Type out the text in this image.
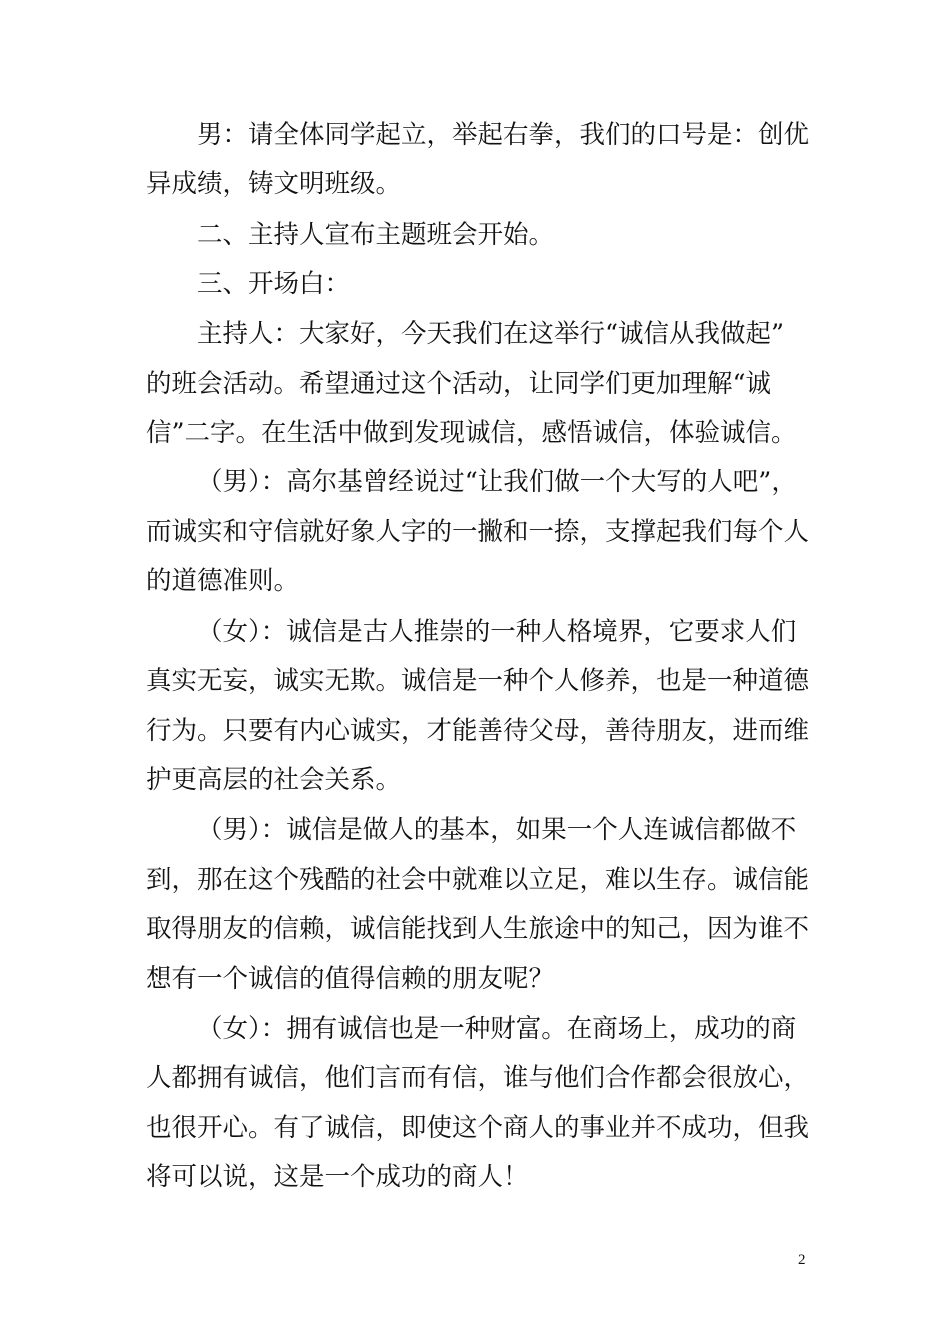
男：请全体同学起立，举起右拳，我们的口号是：创优
异成绩，铸文明班级。
二、主持人宣布主题班会开始。
三、开场白：
主持人：大家好，今天我们在这举行“诚信从我做起”
的班会活动。希望通过这个活动，让同学们更加理解“诚
信”二字。在生活中做到发现诚信，感悟诚信，体验诚信。
（男）：高尔基曾经说过“让我们做一个大写的人吧”，
而诚实和守信就好象人字的一撇和一捺，支撑起我们每个人
的道德准则。
（女）：诚信是古人推崇的一种人格境界，它要求人们
真实无妄，诚实无欺。诚信是一种个人修养，也是一种道德
行为。只要有内心诚实，才能善待父母，善待朋友，进而维
护更高层的社会关系。
（男）：诚信是做人的基本，如果一个人连诚信都做不
到，那在这个残酷的社会中就难以立足，难以生存。诚信能
取得朋友的信赖，诚信能找到人生旅途中的知己，因为谁不
想有一个诚信的值得信赖的朋友呢？
（女）：拥有诚信也是一种财富。在商场上，成功的商
人都拥有诚信，他们言而有信，谁与他们合作都会很放心，
也很开心。有了诚信，即使这个商人的事业并不成功，但我
将可以说，这是一个成功的商人！
2
